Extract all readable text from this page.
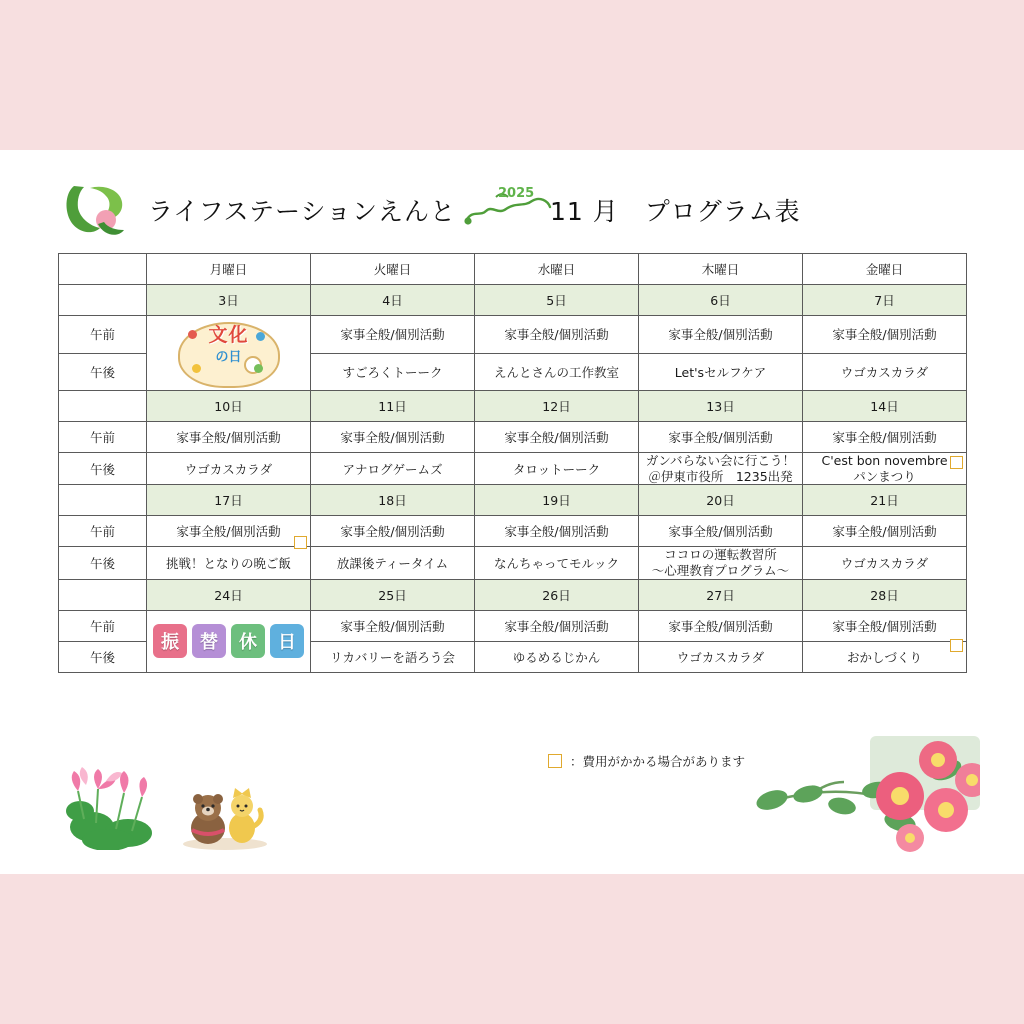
ライフステーションえんと
2025
11 月　プログラム表
	月曜日	火曜日	水曜日	木曜日	金曜日
	3日	4日	5日	6日	7日
午前	文化
の日	家事全般/個別活動	家事全般/個別活動	家事全般/個別活動	家事全般/個別活動
午後		すごろくトーーク	えんとさんの工作教室	Let'sセルフケア	ウゴカスカラダ
	10日	11日	12日	13日	14日
午前	家事全般/個別活動	家事全般/個別活動	家事全般/個別活動	家事全般/個別活動	家事全般/個別活動
午後	ウゴカスカラダ	アナログゲームズ	タロットーーク	ガンバらない会に行こう！
＠伊東市役所　1235出発	C'est bon novembre
パンまつり

	17日	18日	19日	20日	21日
午前	家事全般/個別活動	家事全般/個別活動	家事全般/個別活動	家事全般/個別活動	家事全般/個別活動
午後	挑戦！となりの晩ご飯	放課後ティータイム	なんちゃってモルック	ココロの運転教習所
～心理教育プログラム～	ウゴカスカラダ
	24日	25日	26日	27日	28日
午前	振 替 休 日	家事全般/個別活動	家事全般/個別活動	家事全般/個別活動	家事全般/個別活動

午後		リカバリーを語ろう会	ゆるめるじかん	ウゴカスカラダ	おかしづくり
：費用がかかる場合があります
